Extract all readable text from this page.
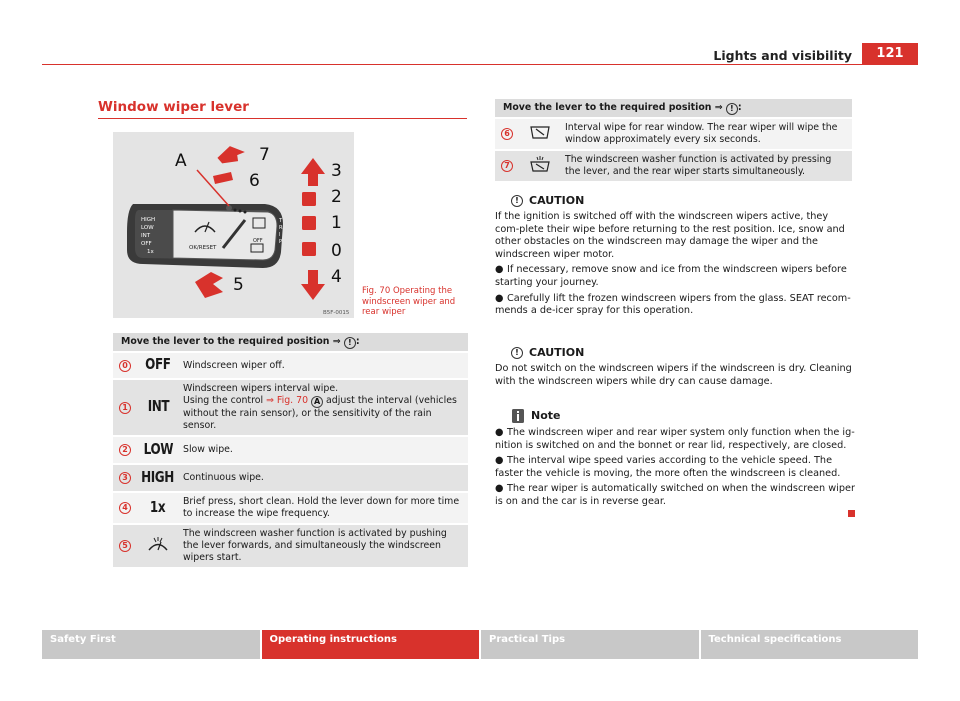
Lights and visibility	121
Window wiper lever
HIGH
LOW
INT
OFF
1x
OK/RESET
OFF
T
R
I
P
A	7
6	3
2
1
0
4
5
B5F-0015
Fig. 70 Operating the windscreen wiper and rear wiper
Move the lever to the required position ⇒ ! :		
0	OFF	Windscreen wiper off.
1	INT	Windscreen wipers interval wipe.
Using the control ⇒ Fig. 70 A adjust the interval (vehicles without the rain sensor), or the sensitivity of the rain sensor.
2	LOW	Slow wipe.
3	HIGH	Continuous wipe.
4	1x	Brief press, short clean. Hold the lever down for more time to increase the wipe frequency.
5		The windscreen washer function is activated by pushing the lever forwards, and simultaneously the windscreen wipers start.
Move the lever to the required position ⇒ ! :		
6		Interval wipe for rear window. The rear wiper will wipe the window approximately every six seconds.
7		The windscreen washer function is activated by pressing the lever, and the rear wiper starts simultaneously.
! CAUTION

If the ignition is switched off with the windscreen wipers active, they com-plete their wipe before returning to the rest position. Ice, snow and other obstacles on the windscreen may damage the wiper and the windscreen wiper motor.

● If necessary, remove snow and ice from the windscreen wipers before starting your journey.

● Carefully lift the frozen windscreen wipers from the glass. SEAT recom-mends a de-icer spray for this operation.

! CAUTION

Do not switch on the windscreen wipers if the windscreen is dry. Cleaning with the windscreen wipers while dry can cause damage.

Note

● The windscreen wiper and rear wiper system only function when the ig-nition is switched on and the bonnet or rear lid, respectively, are closed.

● The interval wipe speed varies according to the vehicle speed. The faster the vehicle is moving, the more often the windscreen is cleaned.

● The rear wiper is automatically switched on when the windscreen wiper is on and the car is in reverse gear.

Safety First	Operating instructions	Practical Tips	Technical specifications
